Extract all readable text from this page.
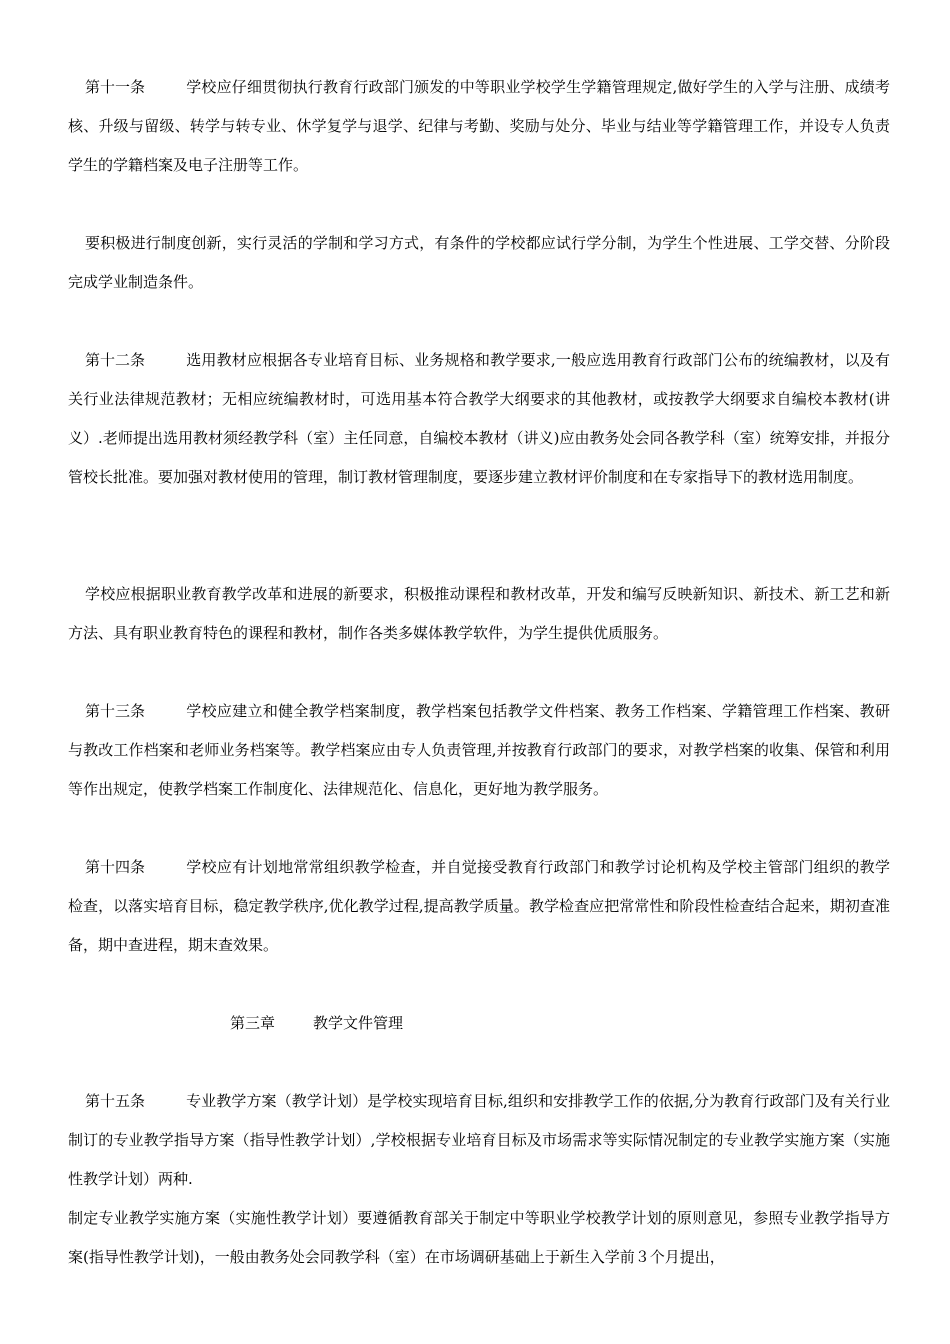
第十一条	学校应仔细贯彻执行教育行政部门颁发的中等职业学校学生学籍管理规定,做好学生的入学与注册、成绩考核、升级与留级、转学与转专业、休学复学与退学、纪律与考勤、奖励与处分、毕业与结业等学籍管理工作，并设专人负责学生的学籍档案及电子注册等工作。

要积极进行制度创新，实行灵活的学制和学习方式，有条件的学校都应试行学分制，为学生个性进展、工学交替、分阶段完成学业制造条件。

第十二条	选用教材应根据各专业培育目标、业务规格和教学要求,一般应选用教育行政部门公布的统编教材，以及有关行业法律规范教材；无相应统编教材时，可选用基本符合教学大纲要求的其他教材，或按教学大纲要求自编校本教材(讲义）.老师提出选用教材须经教学科（室）主任同意，自编校本教材（讲义)应由教务处会同各教学科（室）统筹安排，并报分管校长批准。要加强对教材使用的管理，制订教材管理制度，要逐步建立教材评价制度和在专家指导下的教材选用制度。

学校应根据职业教育教学改革和进展的新要求，积极推动课程和教材改革，开发和编写反映新知识、新技术、新工艺和新方法、具有职业教育特色的课程和教材，制作各类多媒体教学软件，为学生提供优质服务。

第十三条	学校应建立和健全教学档案制度，教学档案包括教学文件档案、教务工作档案、学籍管理工作档案、教研与教改工作档案和老师业务档案等。教学档案应由专人负责管理,并按教育行政部门的要求，对教学档案的收集、保管和利用等作出规定，使教学档案工作制度化、法律规范化、信息化，更好地为教学服务。

第十四条	学校应有计划地常常组织教学检查，并自觉接受教育行政部门和教学讨论机构及学校主管部门组织的教学检查，以落实培育目标，稳定教学秩序,优化教学过程,提高教学质量。教学检查应把常常性和阶段性检查结合起来，期初查准备，期中查进程，期末查效果。

第三章	教学文件管理

第十五条	专业教学方案（教学计划）是学校实现培育目标,组织和安排教学工作的依据,分为教育行政部门及有关行业制订的专业教学指导方案（指导性教学计划）,学校根据专业培育目标及市场需求等实际情况制定的专业教学实施方案（实施性教学计划）两种.

制定专业教学实施方案（实施性教学计划）要遵循教育部关于制定中等职业学校教学计划的原则意见，参照专业教学指导方案(指导性教学计划)，一般由教务处会同教学科（室）在市场调研基础上于新生入学前３个月提出，
